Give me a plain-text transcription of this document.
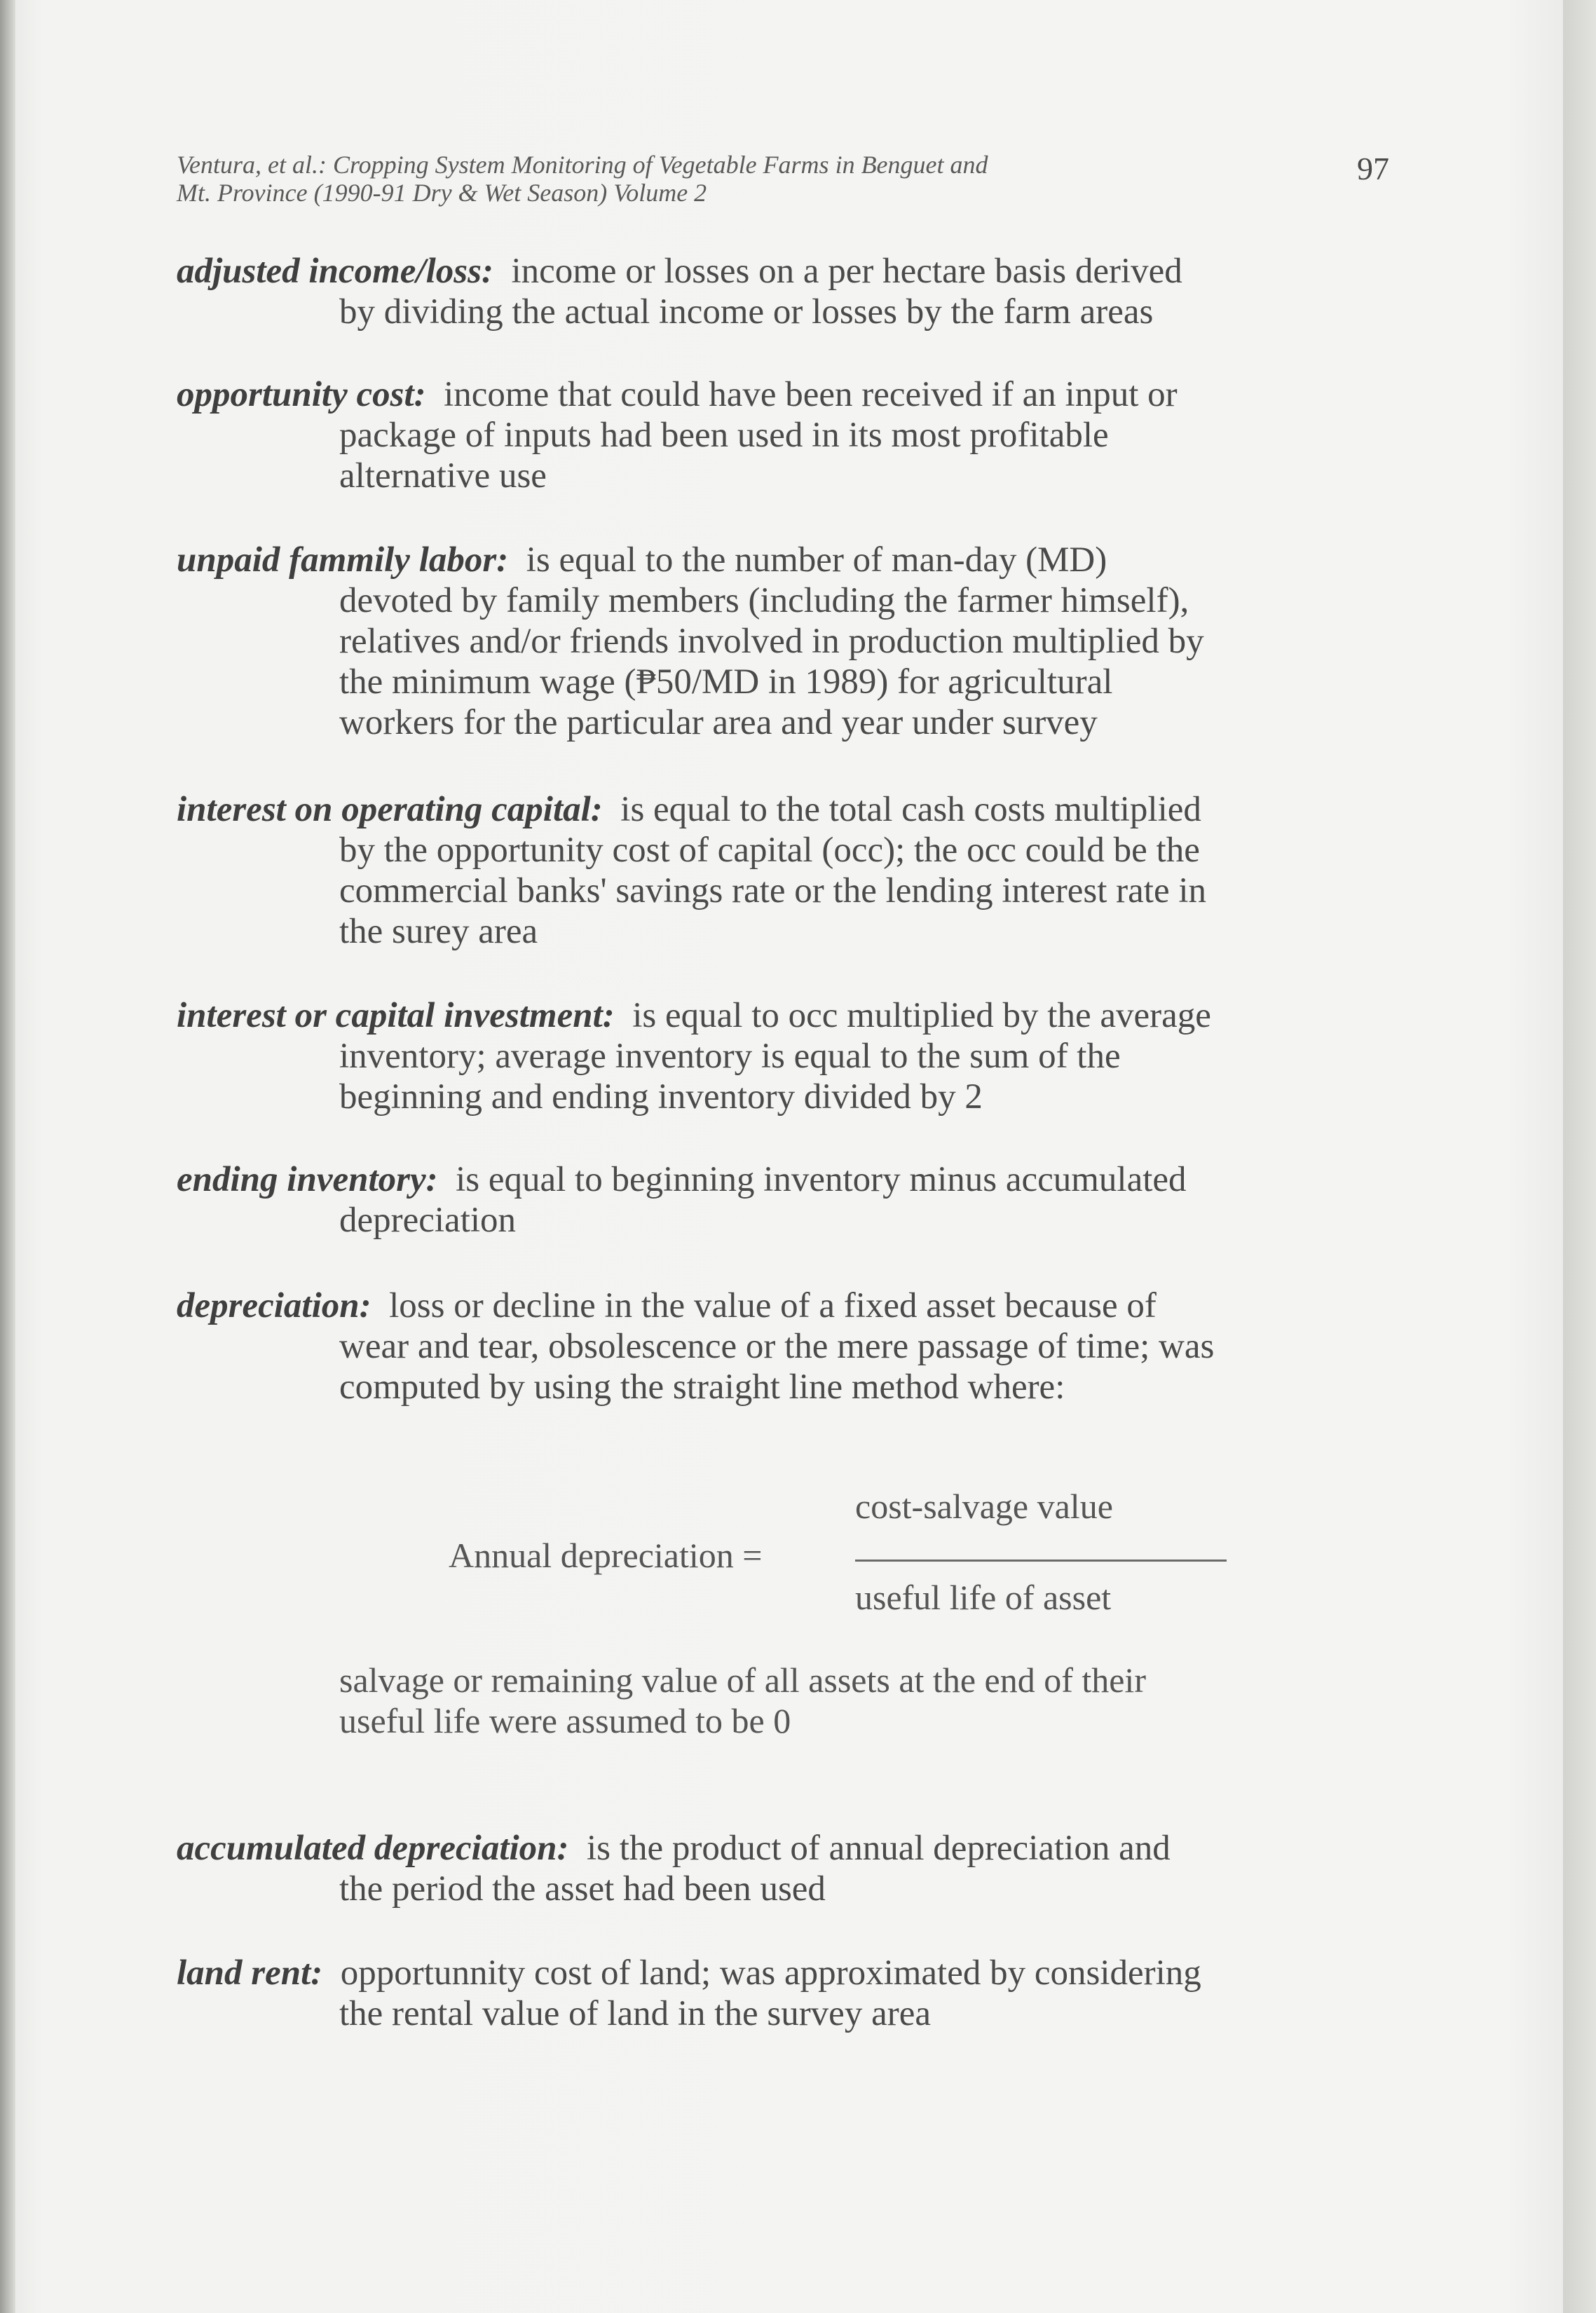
Ventura, et al.: Cropping System Monitoring of Vegetable Farms in Benguet and
Mt. Province (1990-91 Dry & Wet Season) Volume 2
97
adjusted income/loss: income or losses on a per hectare basis derived
by dividing the actual income or losses by the farm areas
opportunity cost: income that could have been received if an input or
package of inputs had been used in its most profitable
alternative use
unpaid fammily labor: is equal to the number of man-day (MD)
devoted by family members (including the farmer himself),
relatives and/or friends involved in production multiplied by
the minimum wage (₱50/MD in 1989) for agricultural
workers for the particular area and year under survey
interest on operating capital: is equal to the total cash costs multiplied
by the opportunity cost of capital (occ); the occ could be the
commercial banks' savings rate or the lending interest rate in
the surey area
interest or capital investment: is equal to occ multiplied by the average
inventory; average inventory is equal to the sum of the
beginning and ending inventory divided by 2
ending inventory: is equal to beginning inventory minus accumulated
depreciation
depreciation: loss or decline in the value of a fixed asset because of
wear and tear, obsolescence or the mere passage of time; was
computed by using the straight line method where:
Annual depreciation =
cost-salvage value
useful life of asset
salvage or remaining value of all assets at the end of their
useful life were assumed to be 0
accumulated depreciation: is the product of annual depreciation and
the period the asset had been used
land rent: opportunnity cost of land; was approximated by considering
the rental value of land in the survey area
